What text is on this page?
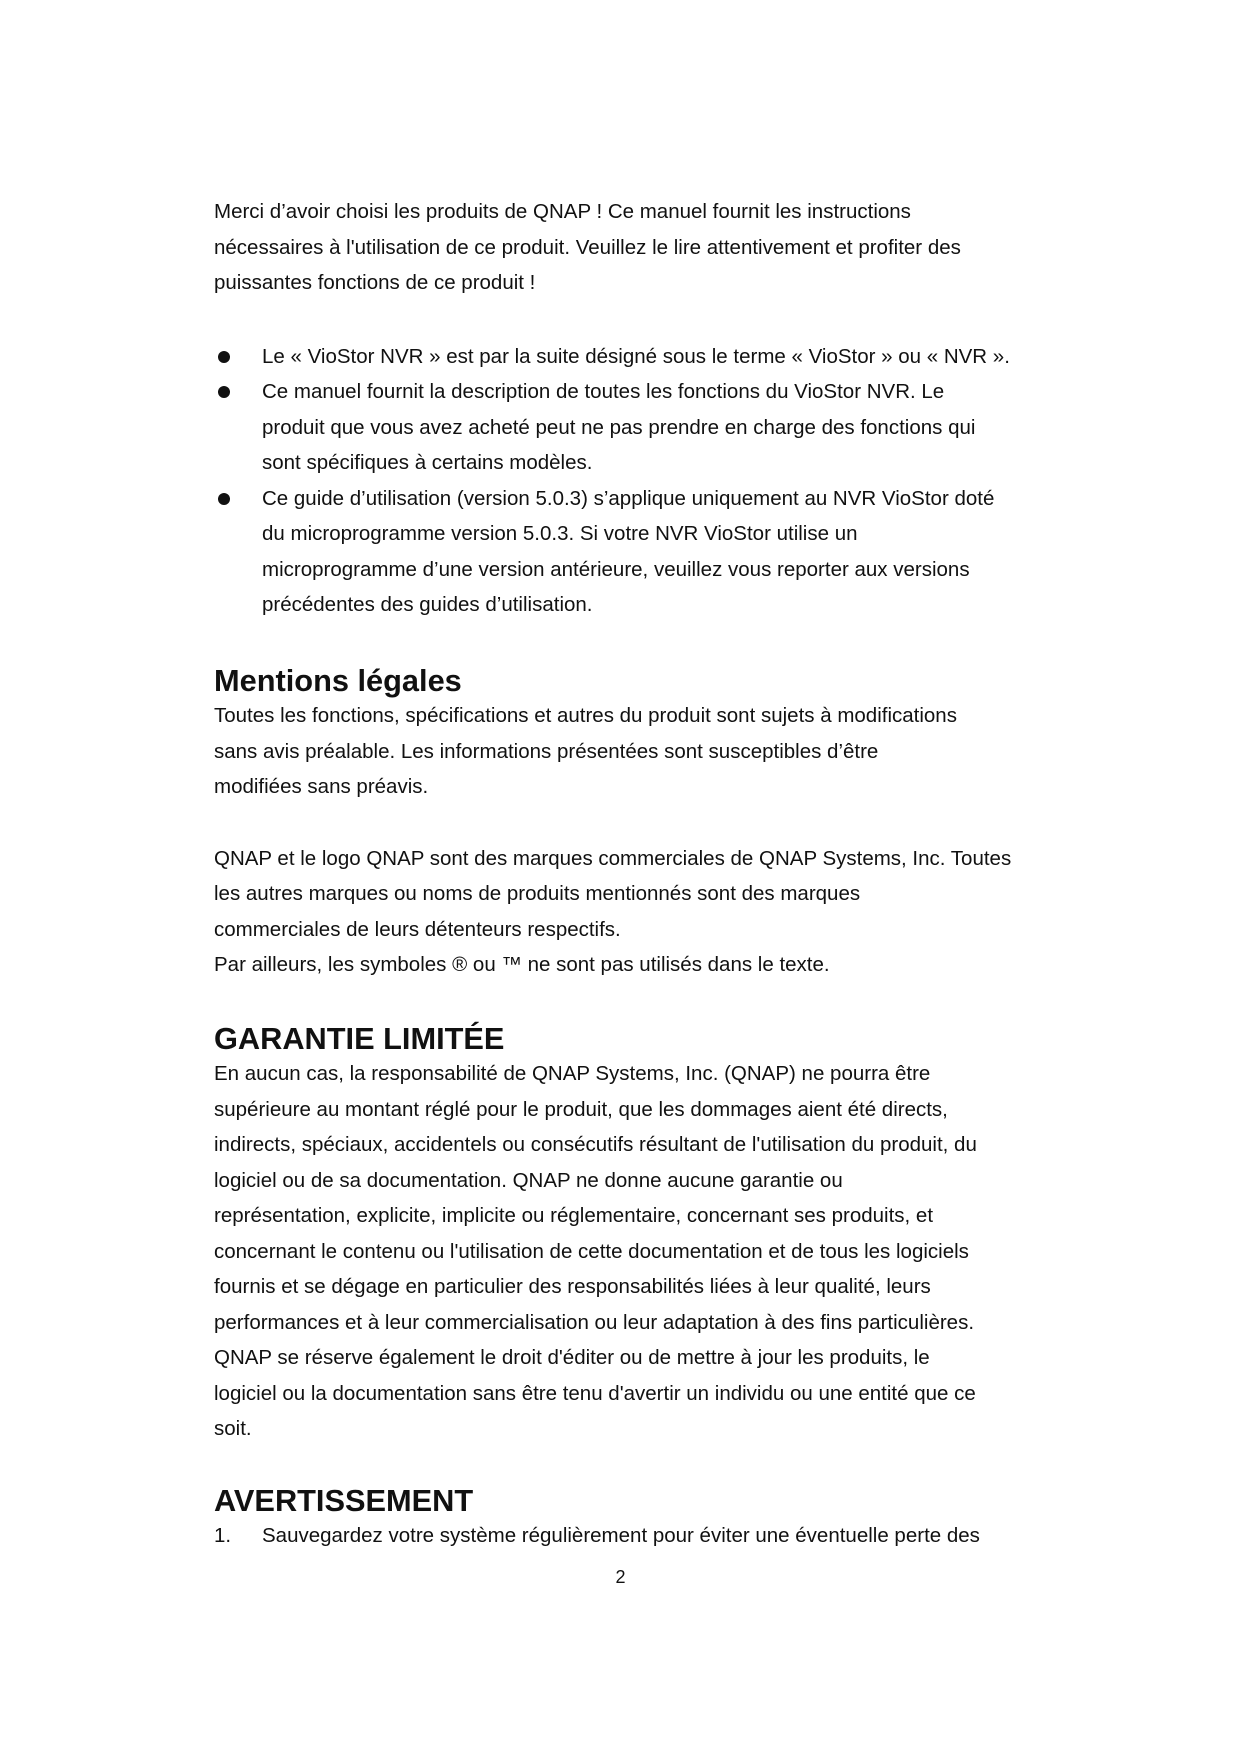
Merci d’avoir choisi les produits de QNAP ! Ce manuel fournit les instructions
nécessaires à l'utilisation de ce produit. Veuillez le lire attentivement et profiter des
puissantes fonctions de ce produit !

Le « VioStor NVR » est par la suite désigné sous le terme « VioStor » ou « NVR ».
Ce manuel fournit la description de toutes les fonctions du VioStor NVR. Le
produit que vous avez acheté peut ne pas prendre en charge des fonctions qui
sont spécifiques à certains modèles.
Ce guide d’utilisation (version 5.0.3) s’applique uniquement au NVR VioStor doté
du microprogramme version 5.0.3. Si votre NVR VioStor utilise un
microprogramme d’une version antérieure, veuillez vous reporter aux versions
précédentes des guides d’utilisation.
Mentions légales

Toutes les fonctions, spécifications et autres du produit sont sujets à modifications
sans avis préalable. Les informations présentées sont susceptibles d’être
modifiées sans préavis.

QNAP et le logo QNAP sont des marques commerciales de QNAP Systems, Inc. Toutes
les autres marques ou noms de produits mentionnés sont des marques
commerciales de leurs détenteurs respectifs.
Par ailleurs, les symboles ® ou ™ ne sont pas utilisés dans le texte.

GARANTIE LIMITÉE

En aucun cas, la responsabilité de QNAP Systems, Inc. (QNAP) ne pourra être
supérieure au montant réglé pour le produit, que les dommages aient été directs,
indirects, spéciaux, accidentels ou consécutifs résultant de l'utilisation du produit, du
logiciel ou de sa documentation. QNAP ne donne aucune garantie ou
représentation, explicite, implicite ou réglementaire, concernant ses produits, et
concernant le contenu ou l'utilisation de cette documentation et de tous les logiciels
fournis et se dégage en particulier des responsabilités liées à leur qualité, leurs
performances et à leur commercialisation ou leur adaptation à des fins particulières.
QNAP se réserve également le droit d'éditer ou de mettre à jour les produits, le
logiciel ou la documentation sans être tenu d'avertir un individu ou une entité que ce
soit.

AVERTISSEMENT
1. Sauvegardez votre système régulièrement pour éviter une éventuelle perte des
2
